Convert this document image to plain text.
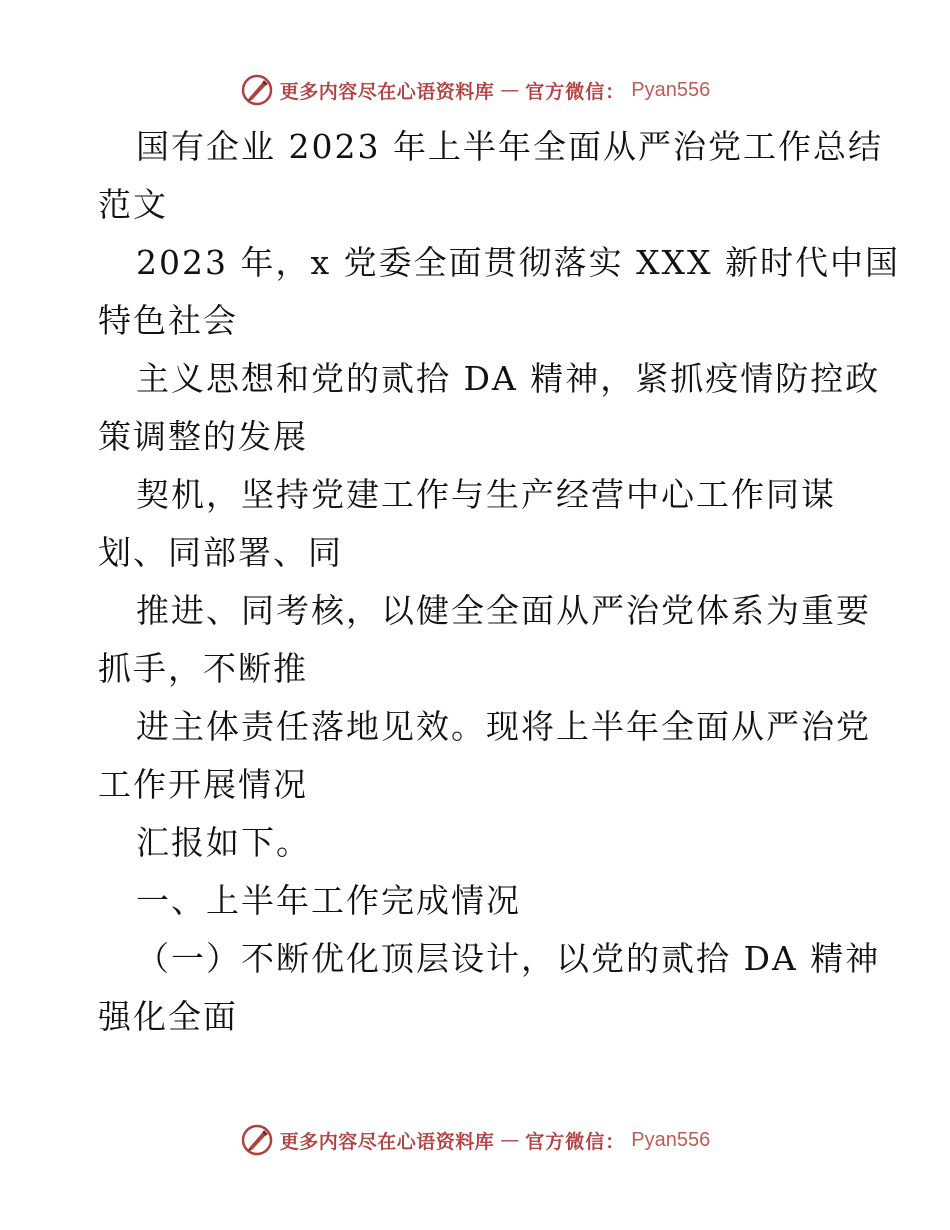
更多内容尽在心语资料库 — 官方微信： Pyan556

国有企业 2023 年上半年全面从严治党工作总结

范文

2023 年，x 党委全面贯彻落实 XXX 新时代中国

特色社会

主义思想和党的贰拾 DA 精神，紧抓疫情防控政

策调整的发展

契机，坚持党建工作与生产经营中心工作同谋

划、同部署、同

推进、同考核，以健全全面从严治党体系为重要

抓手，不断推

进主体责任落地见效。现将上半年全面从严治党

工作开展情况

汇报如下。

一、上半年工作完成情况

（一）不断优化顶层设计，以党的贰拾 DA 精神

强化全面

更多内容尽在心语资料库 — 官方微信： Pyan556
